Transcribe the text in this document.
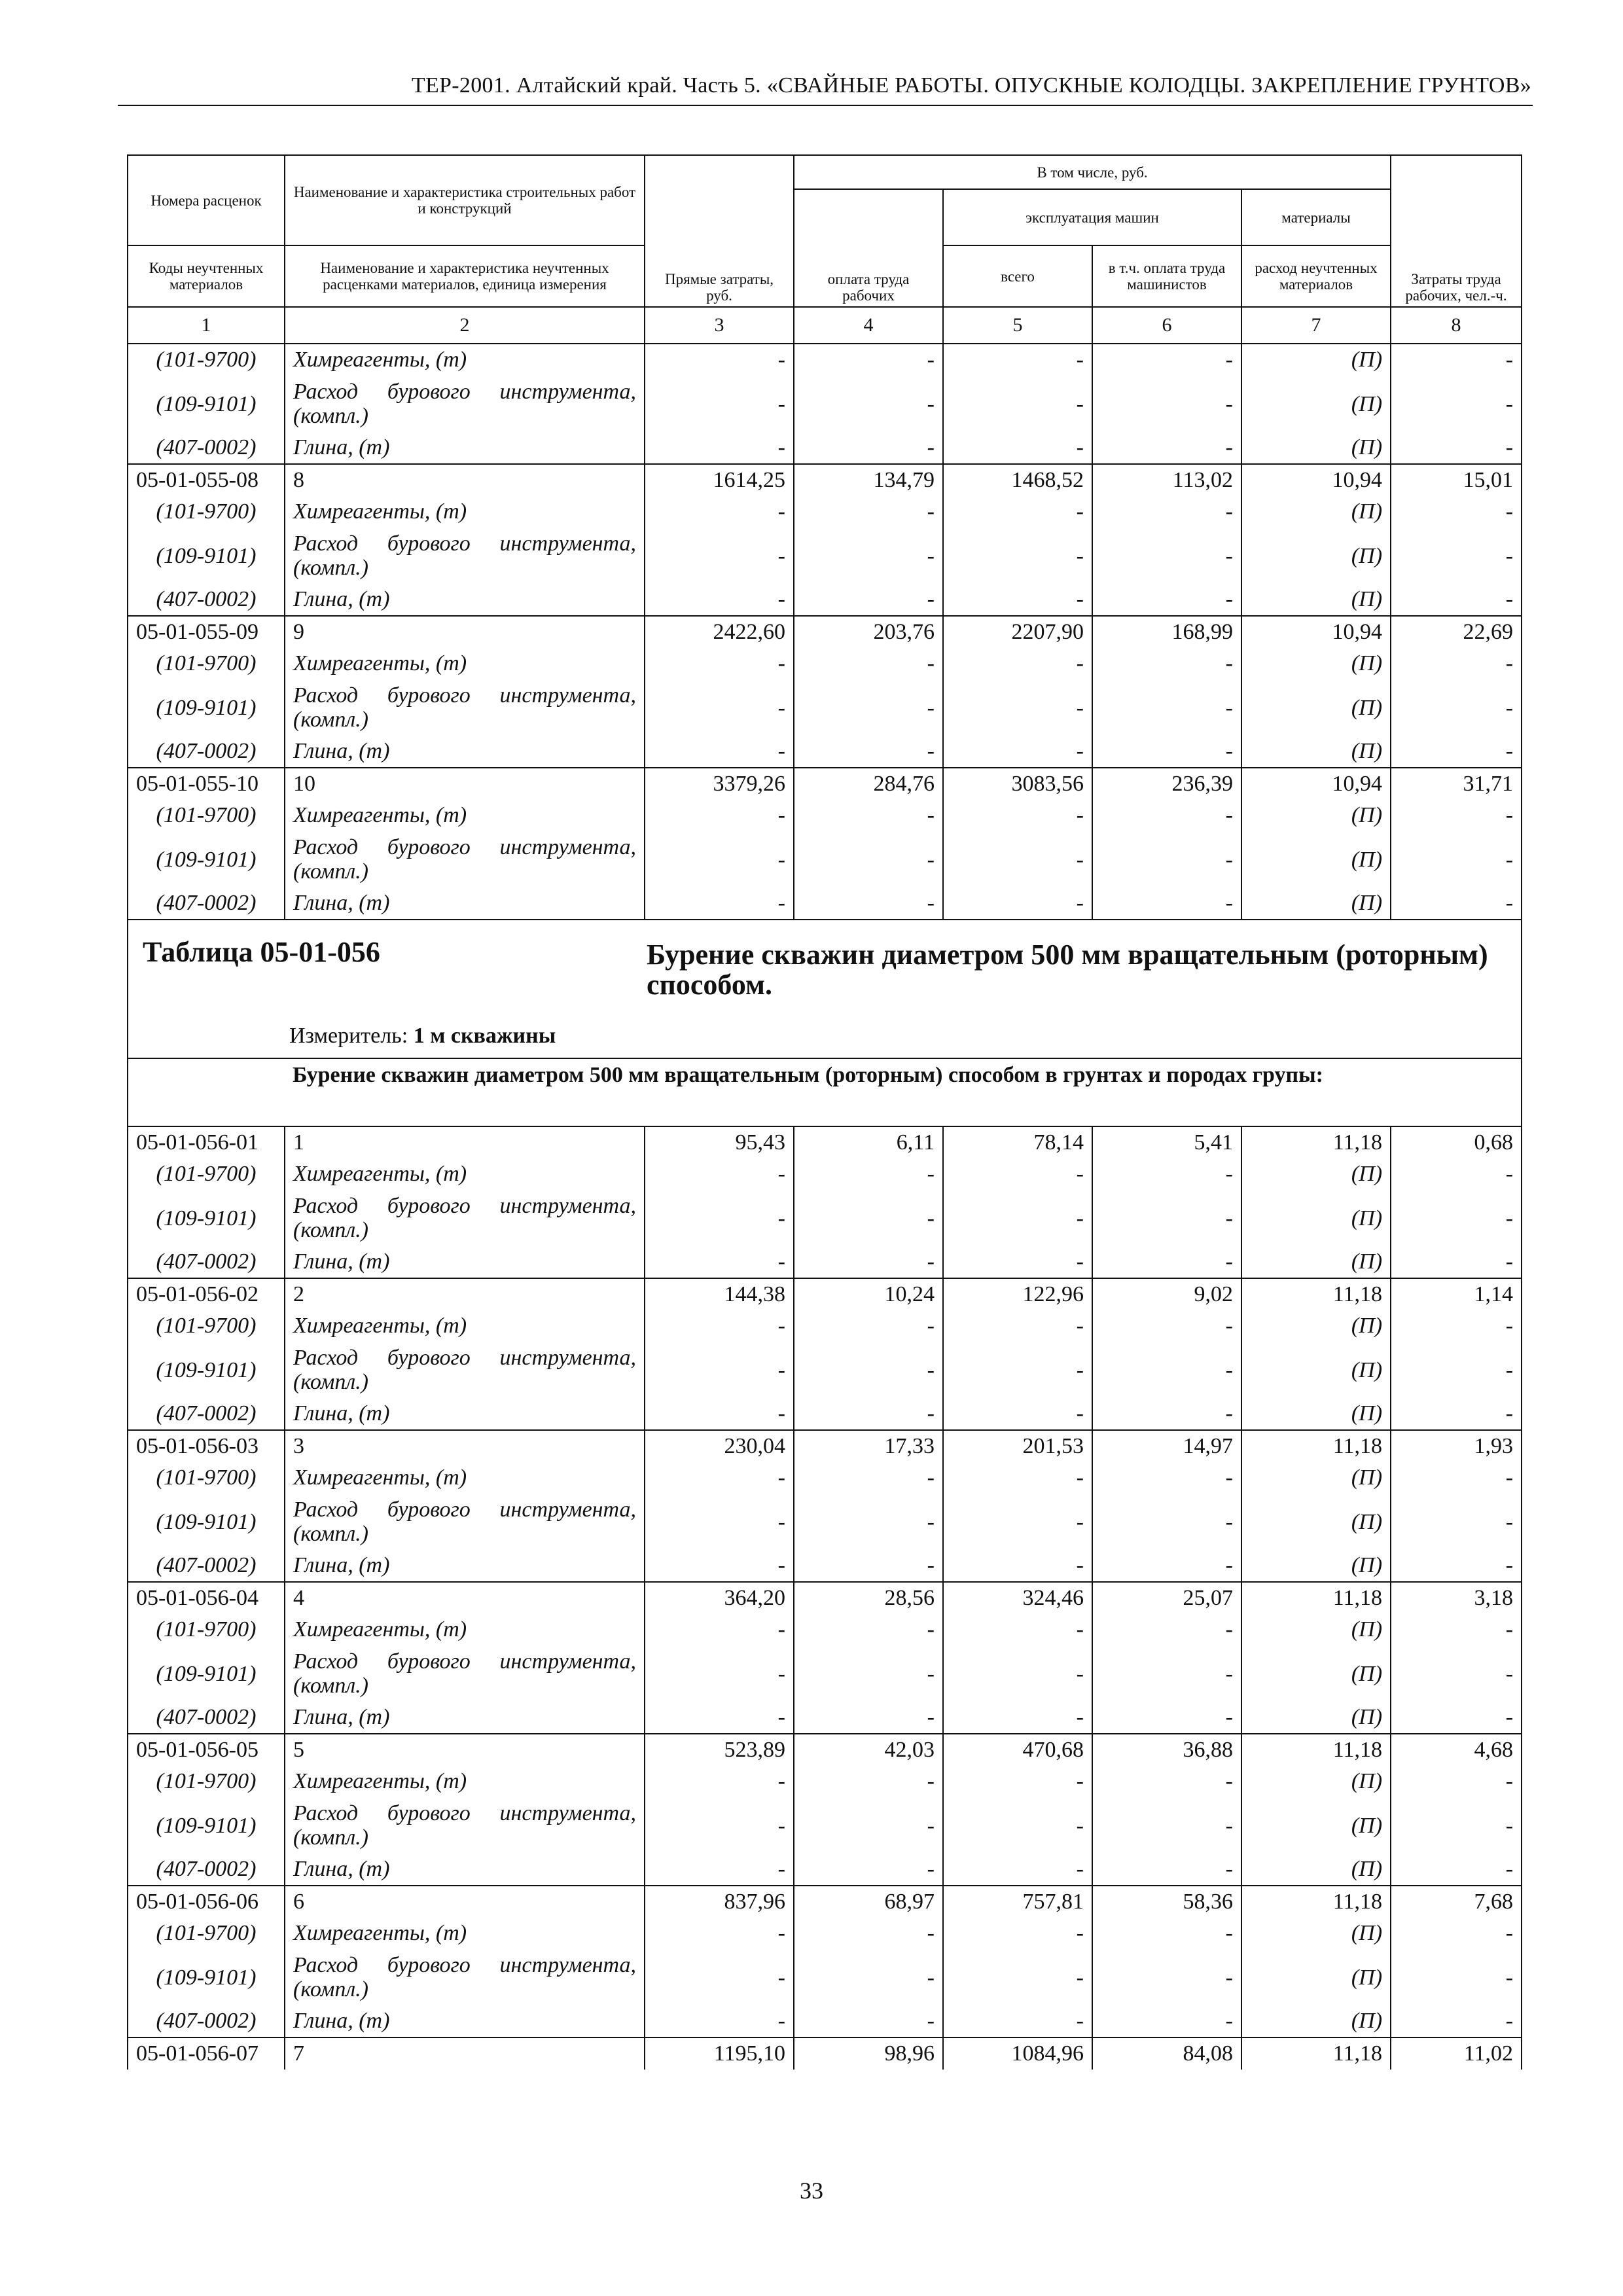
ТЕР-2001. Алтайский край. Часть 5. «СВАЙНЫЕ РАБОТЫ. ОПУСКНЫЕ КОЛОДЦЫ. ЗАКРЕПЛЕНИЕ ГРУНТОВ»
Номера расценок	Наименование и характеристика строительных работ и конструкций	Прямые затраты, руб.	В том числе, руб.				Затраты труда рабочих, чел.-ч.
			оплата труда рабочих	эксплуатация машин		материалы	

Коды неучтенных материалов	Наименование и характеристика неучтенных расценками материалов, единица измерения			всего	в т.ч. оплата труда машинистов	расход неучтенных материалов	
1	2	3	4	5	6	7	8
(101-9700)	Химреагенты, (т)	-	-	-	-	(П)	-
(109-9101)	Расход бурового инструмента, (компл.)	-	-	-	-	(П)	-
(407-0002)	Глина, (т)	-	-	-	-	(П)	-
05-01-055-08	8	1614,25	134,79	1468,52	113,02	10,94	15,01
(101-9700)	Химреагенты, (т)	-	-	-	-	(П)	-
(109-9101)	Расход бурового инструмента, (компл.)	-	-	-	-	(П)	-
(407-0002)	Глина, (т)	-	-	-	-	(П)	-
05-01-055-09	9	2422,60	203,76	2207,90	168,99	10,94	22,69
(101-9700)	Химреагенты, (т)	-	-	-	-	(П)	-
(109-9101)	Расход бурового инструмента, (компл.)	-	-	-	-	(П)	-
(407-0002)	Глина, (т)	-	-	-	-	(П)	-
05-01-055-10	10	3379,26	284,76	3083,56	236,39	10,94	31,71
(101-9700)	Химреагенты, (т)	-	-	-	-	(П)	-
(109-9101)	Расход бурового инструмента, (компл.)	-	-	-	-	(П)	-
(407-0002)	Глина, (т)	-	-	-	-	(П)	-

Таблица 05-01-056 Бурение скважин диаметром 500 мм вращательным (роторным) способом.
Измеритель: 1 м скважины							

	Бурение скважин диаметром 500 мм вращательным (роторным) способом в грунтах и породах групы:						
05-01-056-01	1	95,43	6,11	78,14	5,41	11,18	0,68
(101-9700)	Химреагенты, (т)	-	-	-	-	(П)	-
(109-9101)	Расход бурового инструмента, (компл.)	-	-	-	-	(П)	-
(407-0002)	Глина, (т)	-	-	-	-	(П)	-
05-01-056-02	2	144,38	10,24	122,96	9,02	11,18	1,14
(101-9700)	Химреагенты, (т)	-	-	-	-	(П)	-
(109-9101)	Расход бурового инструмента, (компл.)	-	-	-	-	(П)	-
(407-0002)	Глина, (т)	-	-	-	-	(П)	-
05-01-056-03	3	230,04	17,33	201,53	14,97	11,18	1,93
(101-9700)	Химреагенты, (т)	-	-	-	-	(П)	-
(109-9101)	Расход бурового инструмента, (компл.)	-	-	-	-	(П)	-
(407-0002)	Глина, (т)	-	-	-	-	(П)	-
05-01-056-04	4	364,20	28,56	324,46	25,07	11,18	3,18
(101-9700)	Химреагенты, (т)	-	-	-	-	(П)	-
(109-9101)	Расход бурового инструмента, (компл.)	-	-	-	-	(П)	-
(407-0002)	Глина, (т)	-	-	-	-	(П)	-
05-01-056-05	5	523,89	42,03	470,68	36,88	11,18	4,68
(101-9700)	Химреагенты, (т)	-	-	-	-	(П)	-
(109-9101)	Расход бурового инструмента, (компл.)	-	-	-	-	(П)	-
(407-0002)	Глина, (т)	-	-	-	-	(П)	-
05-01-056-06	6	837,96	68,97	757,81	58,36	11,18	7,68
(101-9700)	Химреагенты, (т)	-	-	-	-	(П)	-
(109-9101)	Расход бурового инструмента, (компл.)	-	-	-	-	(П)	-
(407-0002)	Глина, (т)	-	-	-	-	(П)	-
05-01-056-07	7	1195,10	98,96	1084,96	84,08	11,18	11,02
33
